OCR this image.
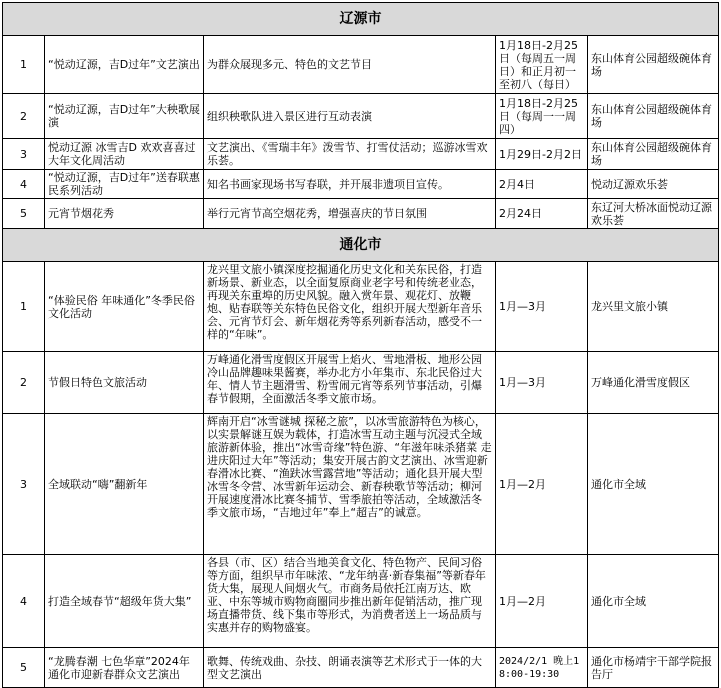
辽源市				
1	“悦动辽源，吉D过年”文艺演出	为群众展现多元、特色的文艺节目	1月18日-2月25日（每周五一周日）和正月初一至初八（每日）	东山体育公园超级碗体育场
2	“悦动辽源，吉D过年”大秧歌展演	组织秧歌队进入景区进行互动表演	1月18日-2月25日（每周一一周四）	东山体育公园超级碗体育场
3	悦动辽源 冰雪吉D 欢欢喜喜过大年文化周活动	文艺演出、《雪瑞丰年》泼雪节、打雪仗活动；巡游冰雪欢乐荟。	1月29日-2月2日	东山体育公园超级碗体育场
4	“悦动辽源，吉D过年”送春联惠民系列活动	知名书画家现场书写春联，并开展非遗项目宣传。	2月4日	悦动辽源欢乐荟
5	元宵节烟花秀	举行元宵节高空烟花秀，增强喜庆的节日氛围	2月24日	东辽河大桥冰面悦动辽源欢乐荟
通化市				
1	“体验民俗 年味通化”冬季民俗文化活动	龙兴里文旅小镇深度挖掘通化历史文化和关东民俗，打造新场景、新业态，以全面复原商业老字号和传统老业态，再现关东重埠的历史风貌。融入赏年景、观花灯、放鞭炮、贴春联等关东特色民俗文化，组织开展大型新年音乐会、元宵节灯会、新年烟花秀等系列新春活动，感受不一样的“年味”。	1月—3月	龙兴里文旅小镇
2	节假日特色文旅活动	万峰通化滑雪度假区开展雪上焰火、雪地滑板、地形公园冷山品牌趣味果酱赛，举办北方小年集市、东北民俗过大年、情人节主题滑雪、粉雪闹元宵等系列节事活动，引爆春节假期，全面激活冬季文旅市场。	1月—3月	万峰通化滑雪度假区
3	全域联动“嗨”翻新年	辉南开启“冰雪谜城 探秘之旅”，以冰雪旅游特色为核心，以实景解谜互娱为载体，打造冰雪互动主题与沉浸式全域旅游新体验，推出“冰雪奇缘”特色游、“年滋年味杀猪菜 走进庆阳过大年”等活动；集安开展古韵文艺演出、冰雪迎新春滑冰比赛、“渔趺冰雪露营地”等活动；通化县开展大型冰雪冬令营、冰雪新年运动会、新春秧歌节等活动；柳河开展速度滑冰比赛冬捕节、雪季旅拍等活动，全域激活冬季文旅市场，“吉地过年”奉上“超吉”的诚意。	1月—2月	通化市全域
4	打造全域春节“超级年货大集”	各县（市、区）结合当地美食文化、特色物产、民间习俗等方面，组织早市年味浓、“龙年纳喜·新春集福”等新春年货大集，展现人间烟火气。市商务局依托江南万达、欧亚、中东等城市购物商圈同步推出新年促销活动，推广现场直播带货、线下集市等形式，为消费者送上一场品质与实惠并存的购物盛宴。	1月—2月	通化市全域
5	“龙腾春潮 七色华章”2024年通化市迎新春群众文艺演出	歌舞、传统戏曲、杂技、朗诵表演等艺术形式于一体的大型文艺演出	2024/2/1 晚上18:00-19:30	通化市杨靖宇干部学院报告厅
